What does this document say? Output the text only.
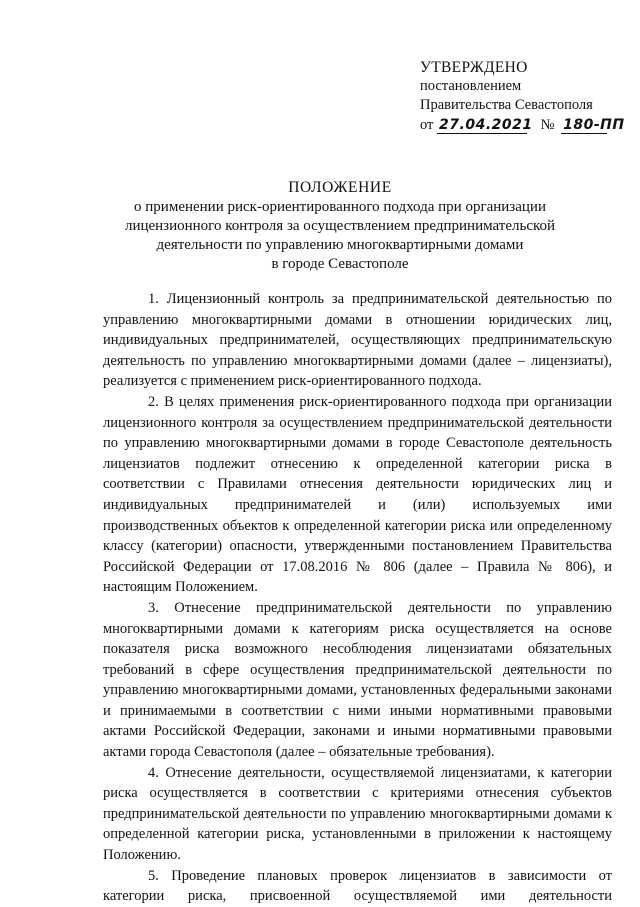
УТВЕРЖДЕНО
постановлением
Правительства Севастополя
от 27.04.2021 № 180-ПП
ПОЛОЖЕНИЕ
о применении риск-ориентированного подхода при организации
лицензионного контроля за осуществлением предпринимательской
деятельности по управлению многоквартирными домами
в городе Севастополе

1. Лицензионный контроль за предпринимательской деятельностью по управлению многоквартирными домами в отношении юридических лиц, индивидуальных предпринимателей, осуществляющих предпринимательскую деятельность по управлению многоквартирными домами (далее – лицензиаты), реализуется с применением риск-ориентированного подхода.

2. В целях применения риск-ориентированного подхода при организации лицензионного контроля за осуществлением предпринимательской деятельности по управлению многоквартирными домами в городе Севастополе деятельность лицензиатов подлежит отнесению к определенной категории риска в соответствии с Правилами отнесения деятельности юридических лиц и индивидуальных предпринимателей и (или) используемых ими производственных объектов к определенной категории риска или определенному классу (категории) опасности, утвержденными постановлением Правительства Российской Федерации от 17.08.2016 № 806 (далее – Правила № 806), и настоящим Положением.

3. Отнесение предпринимательской деятельности по управлению многоквартирными домами к категориям риска осуществляется на основе показателя риска возможного несоблюдения лицензиатами обязательных требований в сфере осуществления предпринимательской деятельности по управлению многоквартирными домами, установленных федеральными законами и принимаемыми в соответствии с ними иными нормативными правовыми актами Российской Федерации, законами и иными нормативными правовыми актами города Севастополя (далее – обязательные требования).

4. Отнесение деятельности, осуществляемой лицензиатами, к категории риска осуществляется в соответствии с критериями отнесения субъектов предпринимательской деятельности по управлению многоквартирными домами к определенной категории риска, установленными в приложении к настоящему Положению.

5. Проведение плановых проверок лицензиатов в зависимости от категории риска, присвоенной осуществляемой ими деятельности
